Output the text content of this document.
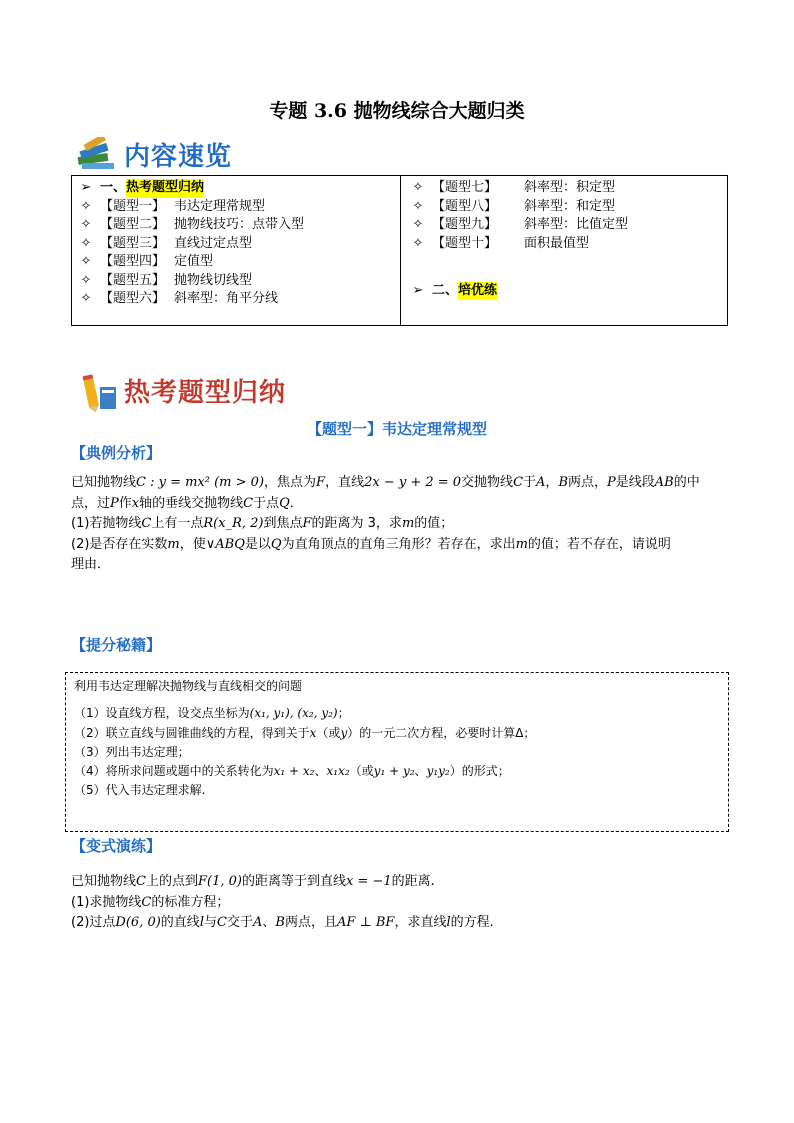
专题 3.6 抛物线综合大题归类
内容速览
➢ 一、 热考题型归纳
✧ 【题型一】 韦达定理常规型
✧ 【题型二】 抛物线技巧：点带入型
✧ 【题型三】 直线过定点型
✧ 【题型四】 定值型
✧ 【题型五】 抛物线切线型
✧ 【题型六】 斜率型：角平分线
✧ 【题型七】	斜率型：积定型
✧ 【题型八】	斜率型：和定型
✧ 【题型九】	斜率型：比值定型
✧ 【题型十】	面积最值型
➢ 二、 培优练
热考题型归纳
【题型一】韦达定理常规型
【典例分析】
已知抛物线C : y = mx² (m > 0)，焦点为F，直线2x − y + 2 = 0交抛物线C于A，B两点，P是线段AB的中
点，过P作x轴的垂线交抛物线C于点Q．
(1)若抛物线C上有一点R(x_R, 2)到焦点F的距离为 3，求m的值；
(2)是否存在实数m，使∨ABQ是以Q为直角顶点的直角三角形？若存在，求出m的值；若不存在，请说明
理由．
【提分秘籍】
利用韦达定理解决抛物线与直线相交的问题
（1）设直线方程，设交点坐标为(x₁, y₁), (x₂, y₂)；
（2）联立直线与圆锥曲线的方程，得到关于x（或y）的一元二次方程，必要时计算Δ；
（3）列出韦达定理；
（4）将所求问题或题中的关系转化为x₁ + x₂、x₁x₂（或y₁ + y₂、y₁y₂）的形式；
（5）代入韦达定理求解.
【变式演练】
已知抛物线C上的点到F(1, 0)的距离等于到直线x = −1的距离.
(1)求抛物线C的标准方程；
(2)过点D(6, 0)的直线l与C交于A、B两点，且AF ⊥ BF，求直线l的方程.
